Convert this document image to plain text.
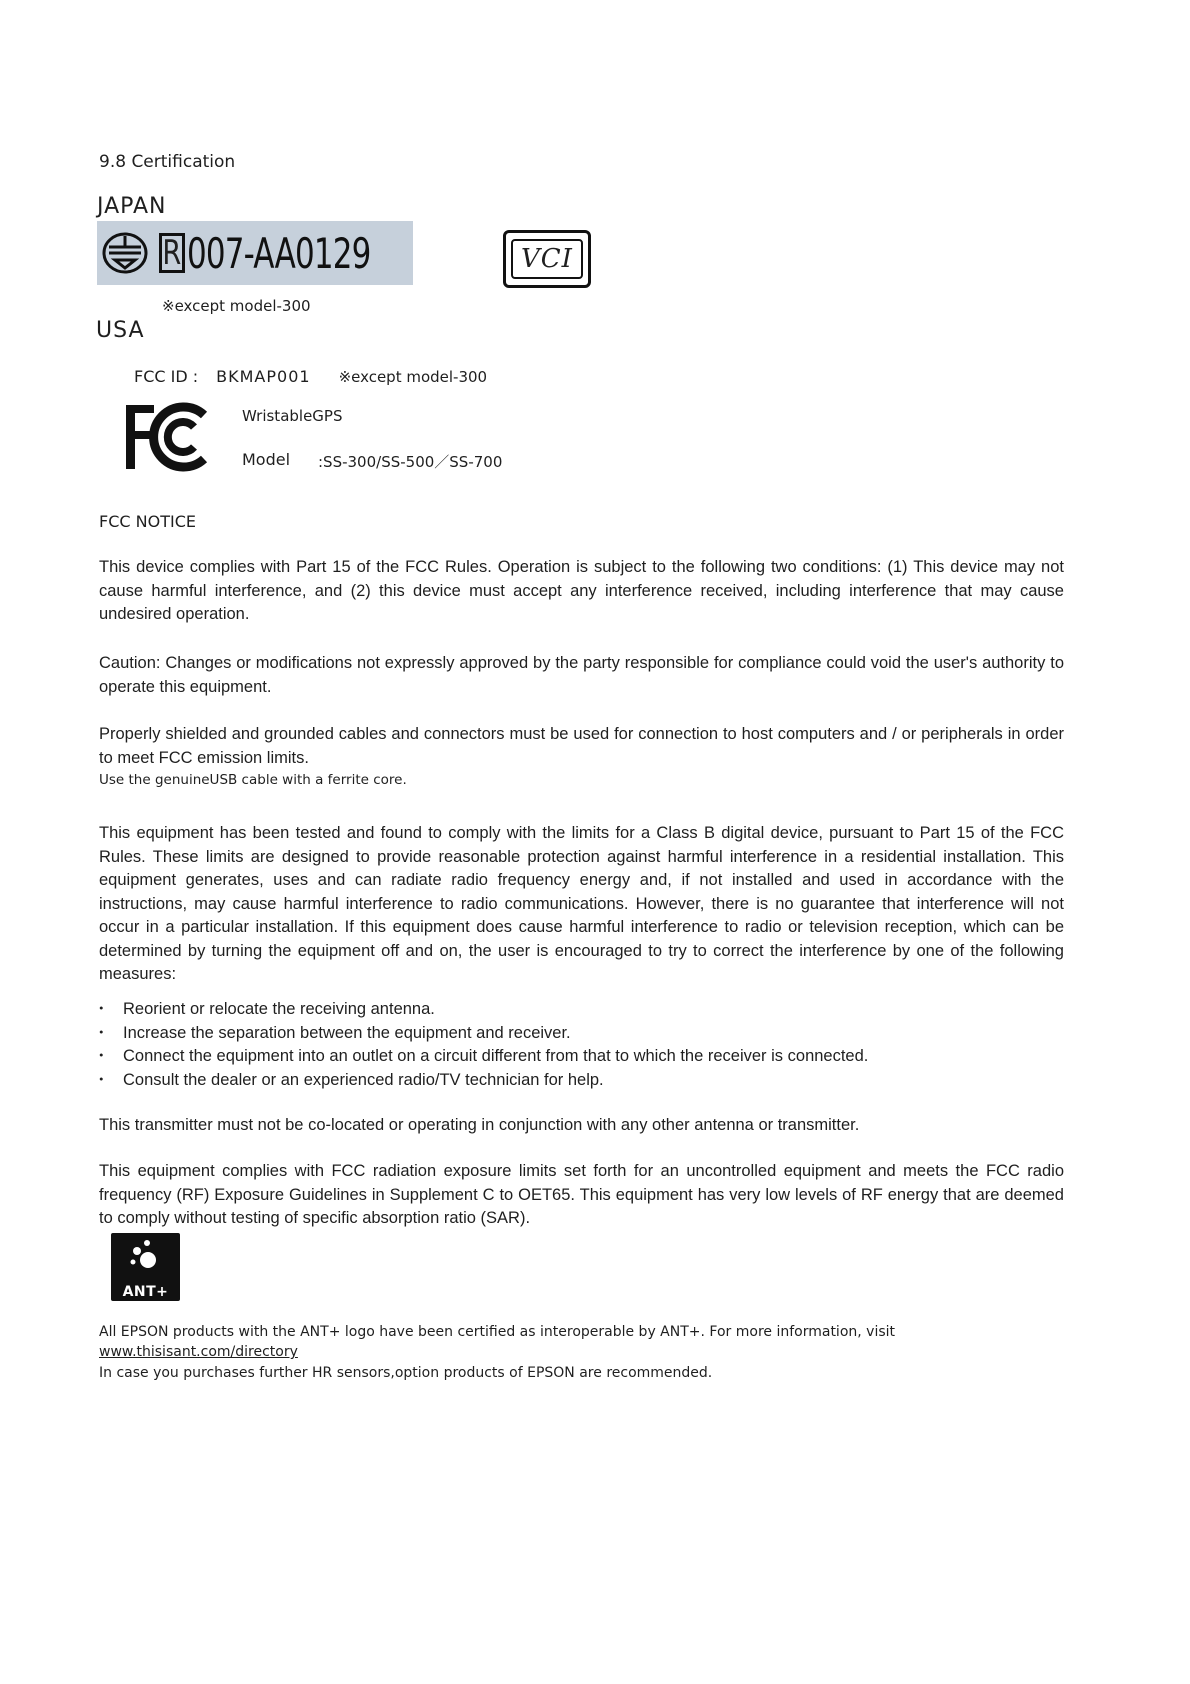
9.8 Certification
JAPAN
R 007-AA0129	VCI
※except model-300
USA
FCC ID : BKMAP001 ※except model-300
WristableGPS
Model :SS-300/SS-500／SS-700
FCC NOTICE

This device complies with Part 15 of the FCC Rules. Operation is subject to the following two conditions: (1) This device may not cause harmful interference, and (2) this device must accept any interference received, including interference that may cause undesired operation.

Caution: Changes or modifications not expressly approved by the party responsible for compliance could void the user's authority to operate this equipment.

Properly shielded and grounded cables and connectors must be used for connection to host computers and / or peripherals in order to meet FCC emission limits.

Use the genuineUSB cable with a ferrite core.

This equipment has been tested and found to comply with the limits for a Class B digital device, pursuant to Part 15 of the FCC Rules. These limits are designed to provide reasonable protection against harmful interference in a residential installation. This equipment generates, uses and can radiate radio frequency energy and, if not installed and used in accordance with the instructions, may cause harmful interference to radio communications. However, there is no guarantee that interference will not occur in a particular installation. If this equipment does cause harmful interference to radio or television reception, which can be determined by turning the equipment off and on, the user is encouraged to try to correct the interference by one of the following measures:

・ Reorient or relocate the receiving antenna.
・ Increase the separation between the equipment and receiver.
・ Connect the equipment into an outlet on a circuit different from that to which the receiver is connected.
・ Consult the dealer or an experienced radio/TV technician for help.

This transmitter must not be co-located or operating in conjunction with any other antenna or transmitter.

This equipment complies with FCC radiation exposure limits set forth for an uncontrolled equipment and meets the FCC radio frequency (RF) Exposure Guidelines in Supplement C to OET65. This equipment has very low levels of RF energy that are deemed to comply without testing of specific absorption ratio (SAR).

ANT+
All EPSON products with the ANT+ logo have been certified as interoperable by ANT+. For more information, visit
www.thisisant.com/directory
In case you purchases further HR sensors,option products of EPSON are recommended.
